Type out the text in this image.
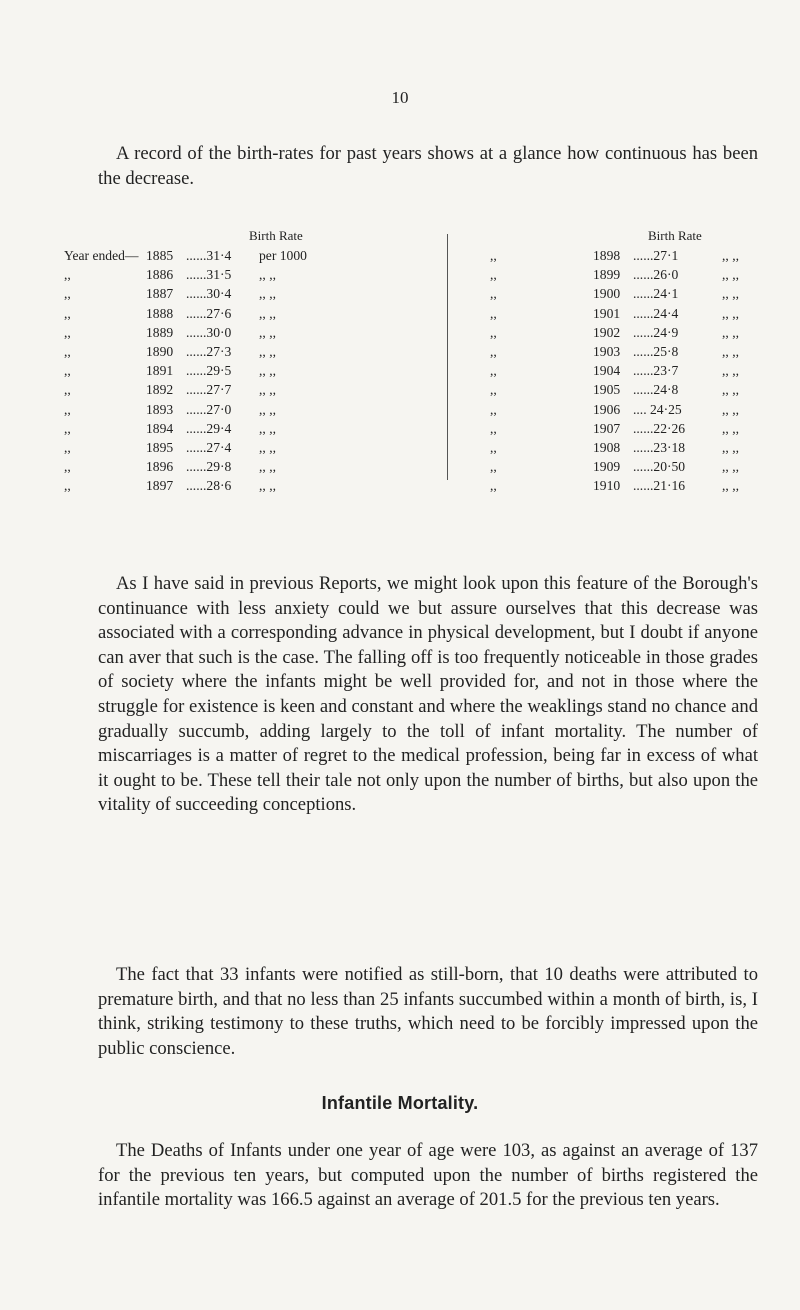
10

A record of the birth-rates for past years shows at a glance how continuous has been the decrease.

Birth Rate	Birth Rate
Year ended— 1885 ......31·4 per 1000
,,	1886 ......31·5 ,, ,,
,,	1887 ......30·4 ,, ,,
,,	1888 ......27·6 ,, ,,
,,	1889 ......30·0 ,, ,,
,,	1890 ......27·3 ,, ,,
,,	1891 ......29·5 ,, ,,
,,	1892 ......27·7 ,, ,,
,,	1893 ......27·0 ,, ,,
,,	1894 ......29·4 ,, ,,
,,	1895 ......27·4 ,, ,,
,,	1896 ......29·8 ,, ,,
,,	1897 ......28·6 ,, ,,
,,	1898 ......27·1	,, ,,
,,	1899 ......26·0	,, ,,
,,	1900 ......24·1	,, ,,
,,	1901 ......24·4	,, ,,
,,	1902 ......24·9	,, ,,
,,	1903 ......25·8	,, ,,
,,	1904 ......23·7	,, ,,
,,	1905 ......24·8	,, ,,
,,	1906 .... 24·25	,, ,,
,,	1907 ......22·26	,, ,,
,,	1908 ......23·18	,, ,,
,,	1909 ......20·50	,, ,,
,,	1910 ......21·16	,, ,,

As I have said in previous Reports, we might look upon this feature of the Borough's continuance with less anxiety could we but assure ourselves that this decrease was associated with a corresponding advance in physical development, but I doubt if anyone can aver that such is the case. The falling off is too frequently noticeable in those grades of society where the infants might be well provided for, and not in those where the struggle for existence is keen and constant and where the weaklings stand no chance and gradually succumb, adding largely to the toll of infant mortality. The number of miscarriages is a matter of regret to the medical profession, being far in excess of what it ought to be. These tell their tale not only upon the number of births, but also upon the vitality of succeeding conceptions.

The fact that 33 infants were notified as still-born, that 10 deaths were attributed to premature birth, and that no less than 25 infants succumbed within a month of birth, is, I think, striking testimony to these truths, which need to be forcibly impressed upon the public conscience.

Infantile Mortality.

The Deaths of Infants under one year of age were 103, as against an average of 137 for the previous ten years, but computed upon the number of births registered the infantile mortality was 166.5 against an average of 201.5 for the previous ten years.
